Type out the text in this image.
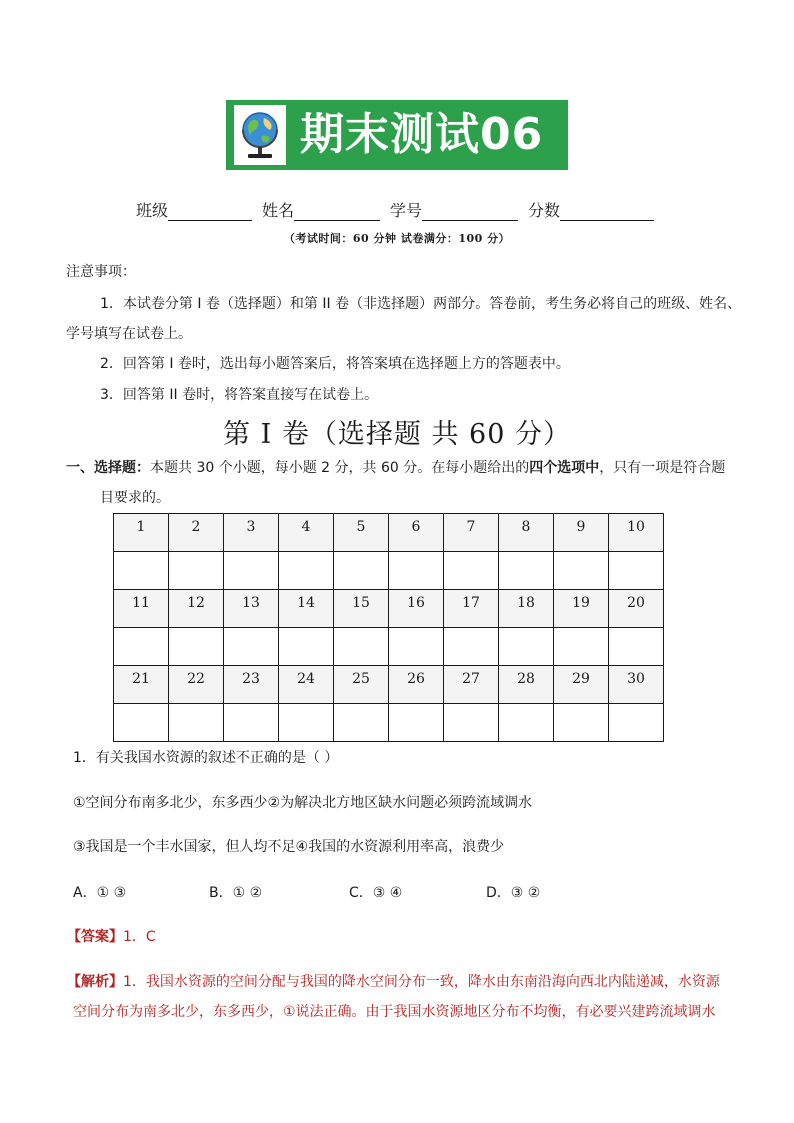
期末测试06
班级	姓名	学号	分数
（考试时间：60 分钟 试卷满分：100 分）
注意事项：
1．本试卷分第 I 卷（选择题）和第 II 卷（非选择题）两部分。答卷前，考生务必将自己的班级、姓名、
学号填写在试卷上。
2．回答第 I 卷时，选出每小题答案后，将答案填在选择题上方的答题表中。
3．回答第 II 卷时，将答案直接写在试卷上。
第 I 卷（选择题 共 60 分）
一、选择题：本题共 30 个小题，每小题 2 分，共 60 分。在每小题给出的四个选项中，只有一项是符合题
目要求的。
1	2	3	4	5	6	7	8	9	10

11	12	13	14	15	16	17	18	19	20

21	22	23	24	25	26	27	28	29	30

1．有关我国水资源的叙述不正确的是（ ）
①空间分布南多北少，东多西少②为解决北方地区缺水问题必须跨流域调水
③我国是一个丰水国家，但人均不足④我国的水资源利用率高，浪费少
A．① ③	B．① ②	C．③ ④	D．③ ②
【答案】1．C
【解析】1．我国水资源的空间分配与我国的降水空间分布一致，降水由东南沿海向西北内陆递减，水资源
空间分布为南多北少，东多西少，①说法正确。由于我国水资源地区分布不均衡，有必要兴建跨流域调水
